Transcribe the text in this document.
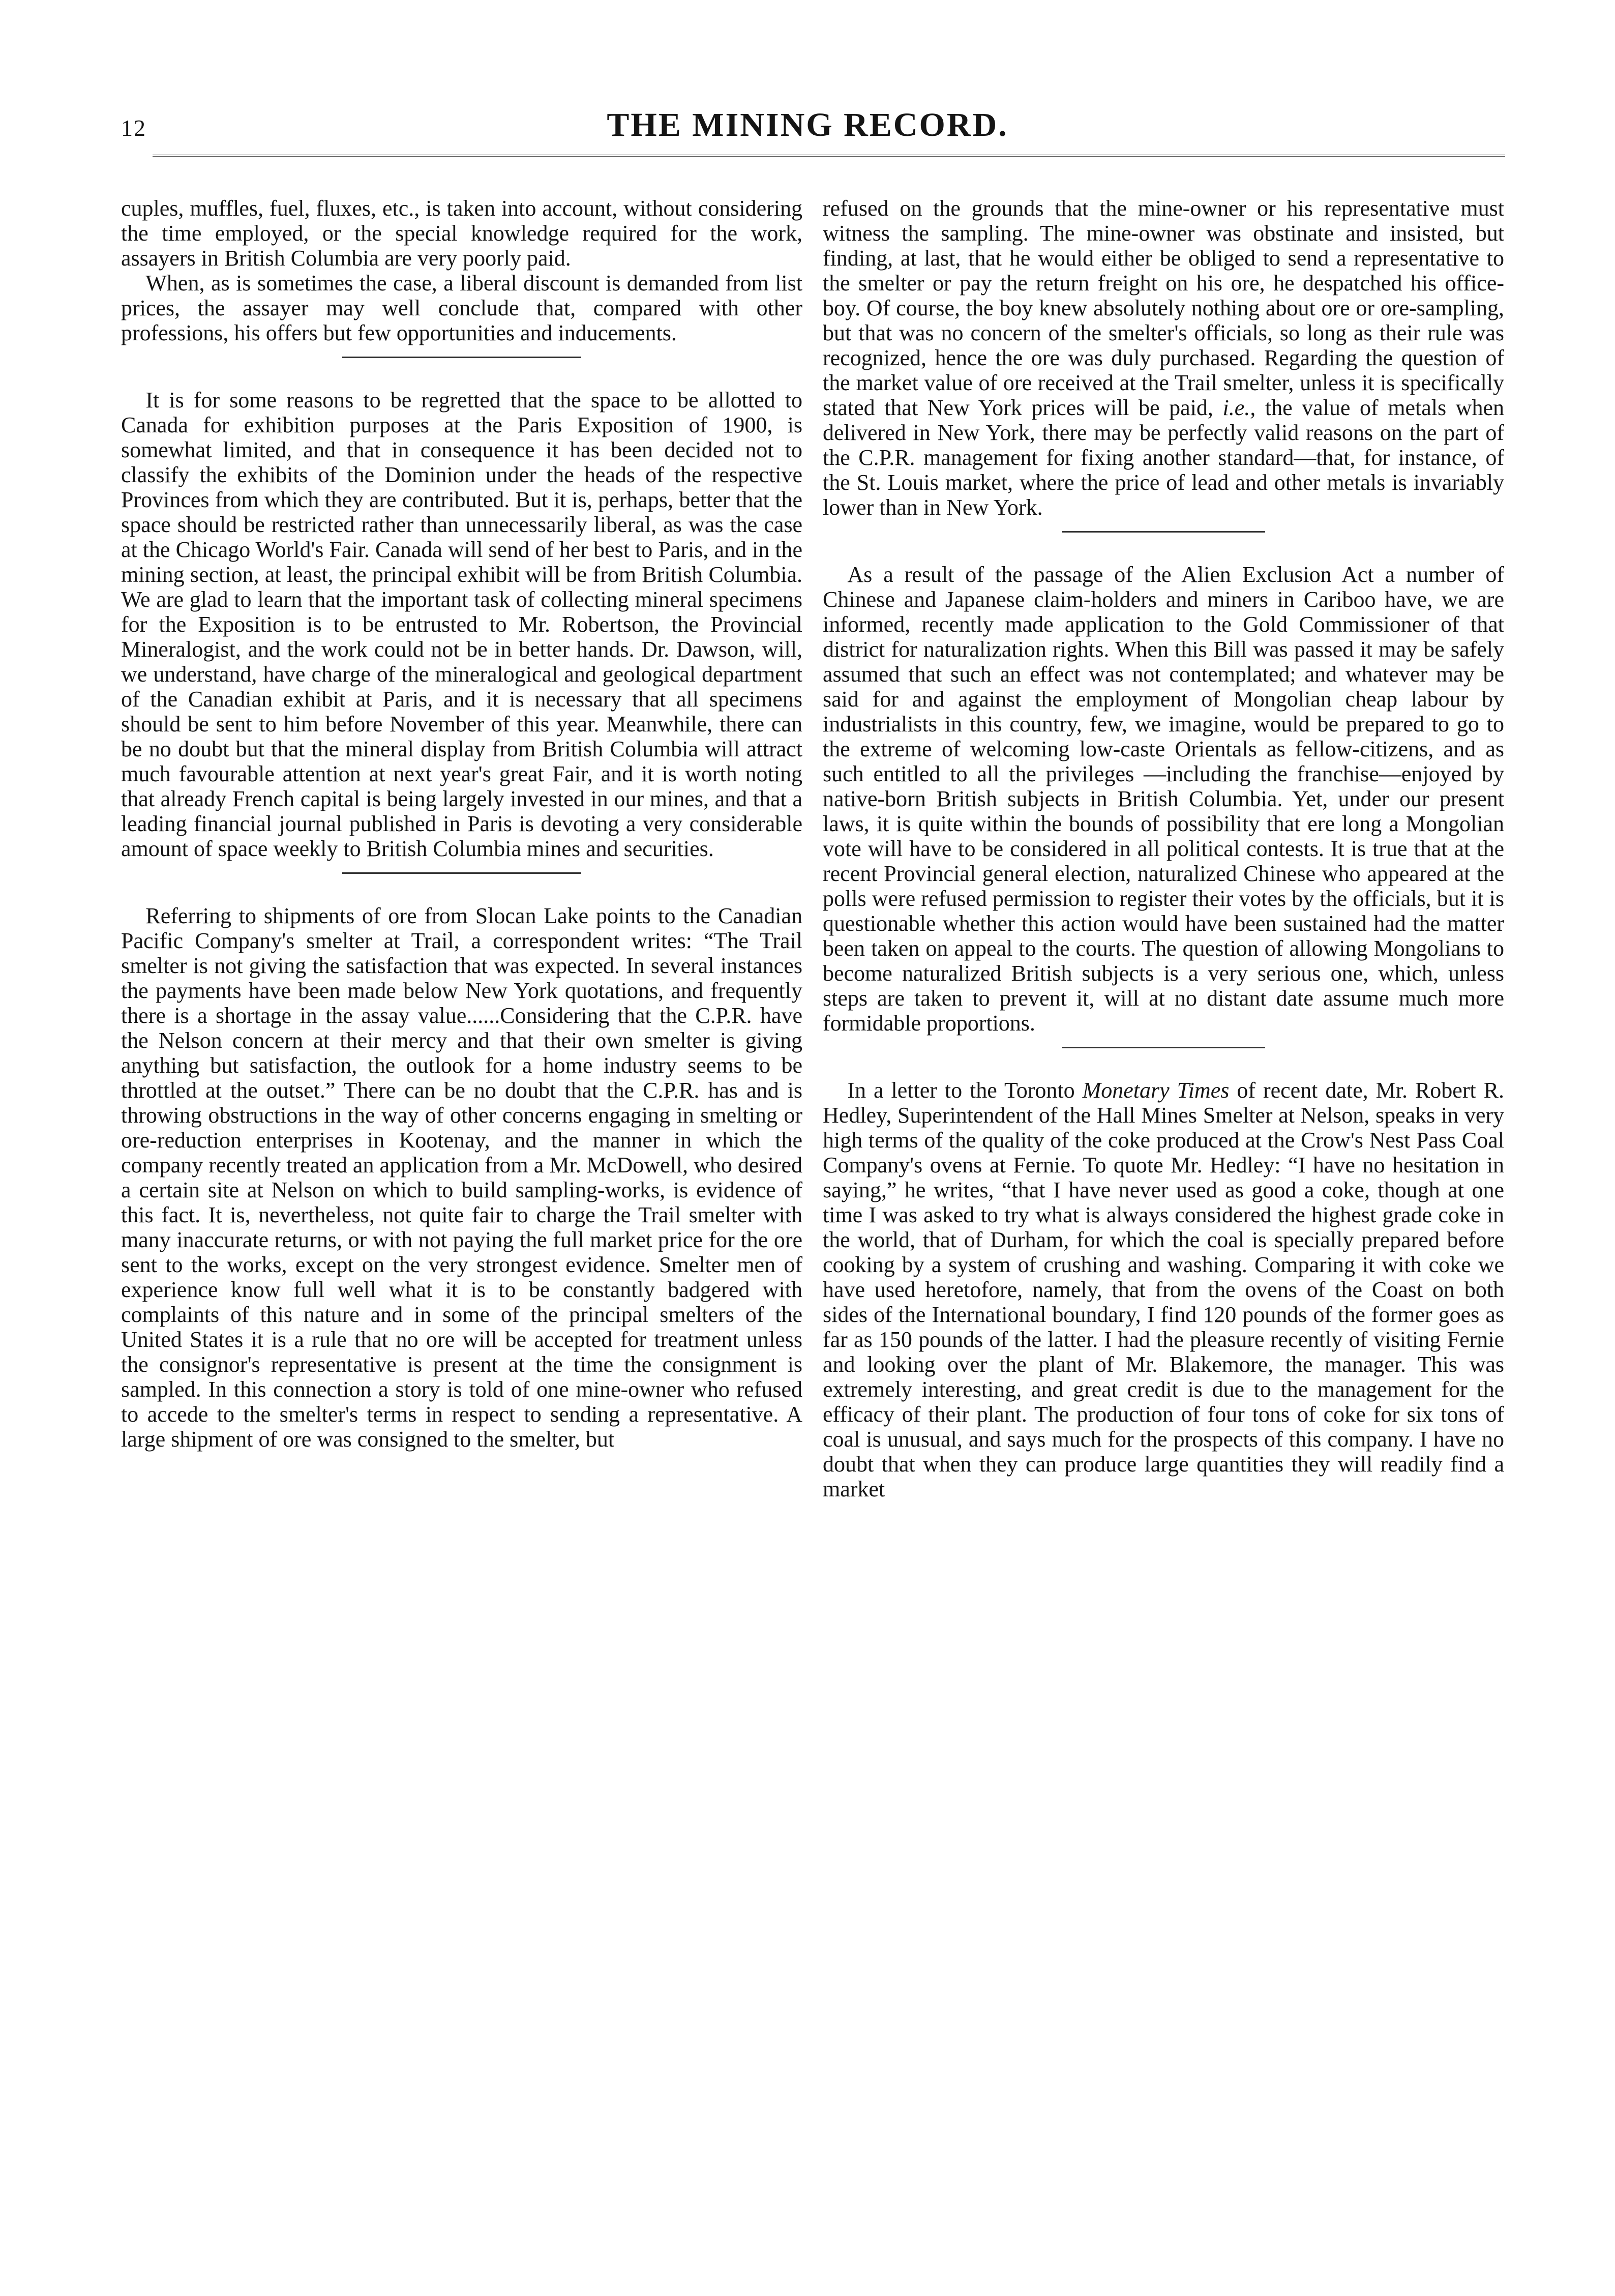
12	THE MINING RECORD.

cuples, muffles, fuel, fluxes, etc., is taken into account, without considering the time employed, or the special knowledge required for the work, assayers in British Columbia are very poorly paid.

When, as is sometimes the case, a liberal discount is demanded from list prices, the assayer may well conclude that, compared with other professions, his offers but few opportunities and inducements.

It is for some reasons to be regretted that the space to be allotted to Canada for exhibition purposes at the Paris Exposition of 1900, is somewhat limited, and that in consequence it has been decided not to classify the exhibits of the Dominion under the heads of the respective Provinces from which they are contributed. But it is, perhaps, better that the space should be restricted rather than unnecessarily liberal, as was the case at the Chicago World's Fair. Canada will send of her best to Paris, and in the mining section, at least, the principal exhibit will be from British Columbia. We are glad to learn that the important task of collecting mineral specimens for the Exposition is to be entrusted to Mr. Robertson, the Provincial Mineralogist, and the work could not be in better hands. Dr. Dawson, will, we understand, have charge of the mineralogical and geological department of the Canadian exhibit at Paris, and it is necessary that all specimens should be sent to him before November of this year. Meanwhile, there can be no doubt but that the mineral display from British Columbia will attract much favourable attention at next year's great Fair, and it is worth noting that already French capital is being largely invested in our mines, and that a leading financial journal published in Paris is devoting a very considerable amount of space weekly to British Columbia mines and securities.

Referring to shipments of ore from Slocan Lake points to the Canadian Pacific Company's smelter at Trail, a correspondent writes: “The Trail smelter is not giving the satisfaction that was expected. In several instances the payments have been made below New York quotations, and frequently there is a shortage in the assay value......Considering that the C.P.R. have the Nelson concern at their mercy and that their own smelter is giving anything but satisfaction, the outlook for a home industry seems to be throttled at the outset.” There can be no doubt that the C.P.R. has and is throwing obstructions in the way of other concerns engaging in smelting or ore-reduction enterprises in Kootenay, and the manner in which the company recently treated an application from a Mr. McDowell, who desired a certain site at Nelson on which to build sampling-works, is evidence of this fact. It is, nevertheless, not quite fair to charge the Trail smelter with many inaccurate returns, or with not paying the full market price for the ore sent to the works, except on the very strongest evidence. Smelter men of experience know full well what it is to be constantly badgered with complaints of this nature and in some of the principal smelters of the United States it is a rule that no ore will be accepted for treatment unless the consignor's representative is present at the time the consignment is sampled. In this connection a story is told of one mine-owner who refused to accede to the smelter's terms in respect to sending a representative. A large shipment of ore was consigned to the smelter, but

refused on the grounds that the mine-owner or his representative must witness the sampling. The mine-owner was obstinate and insisted, but finding, at last, that he would either be obliged to send a representative to the smelter or pay the return freight on his ore, he despatched his office-boy. Of course, the boy knew absolutely nothing about ore or ore-sampling, but that was no concern of the smelter's officials, so long as their rule was recognized, hence the ore was duly purchased. Regarding the question of the market value of ore received at the Trail smelter, unless it is specifically stated that New York prices will be paid, i.e., the value of metals when delivered in New York, there may be perfectly valid reasons on the part of the C.P.R. management for fixing another standard—that, for instance, of the St. Louis market, where the price of lead and other metals is invariably lower than in New York.

As a result of the passage of the Alien Exclusion Act a number of Chinese and Japanese claim-holders and miners in Cariboo have, we are informed, recently made application to the Gold Commissioner of that district for naturalization rights. When this Bill was passed it may be safely assumed that such an effect was not contemplated; and whatever may be said for and against the employment of Mongolian cheap labour by industrialists in this country, few, we imagine, would be prepared to go to the extreme of welcoming low-caste Orientals as fellow-citizens, and as such entitled to all the privileges —including the franchise—enjoyed by native-born British subjects in British Columbia. Yet, under our present laws, it is quite within the bounds of possibility that ere long a Mongolian vote will have to be considered in all political contests. It is true that at the recent Provincial general election, naturalized Chinese who appeared at the polls were refused permission to register their votes by the officials, but it is questionable whether this action would have been sustained had the matter been taken on appeal to the courts. The question of allowing Mongolians to become naturalized British subjects is a very serious one, which, unless steps are taken to prevent it, will at no distant date assume much more formidable proportions.

In a letter to the Toronto Monetary Times of recent date, Mr. Robert R. Hedley, Superintendent of the Hall Mines Smelter at Nelson, speaks in very high terms of the quality of the coke produced at the Crow's Nest Pass Coal Company's ovens at Fernie. To quote Mr. Hedley: “I have no hesitation in saying,” he writes, “that I have never used as good a coke, though at one time I was asked to try what is always considered the highest grade coke in the world, that of Durham, for which the coal is specially prepared before cooking by a system of crushing and washing. Comparing it with coke we have used heretofore, namely, that from the ovens of the Coast on both sides of the International boundary, I find 120 pounds of the former goes as far as 150 pounds of the latter. I had the pleasure recently of visiting Fernie and looking over the plant of Mr. Blakemore, the manager. This was extremely interesting, and great credit is due to the management for the efficacy of their plant. The production of four tons of coke for six tons of coal is unusual, and says much for the prospects of this company. I have no doubt that when they can produce large quantities they will readily find a market
